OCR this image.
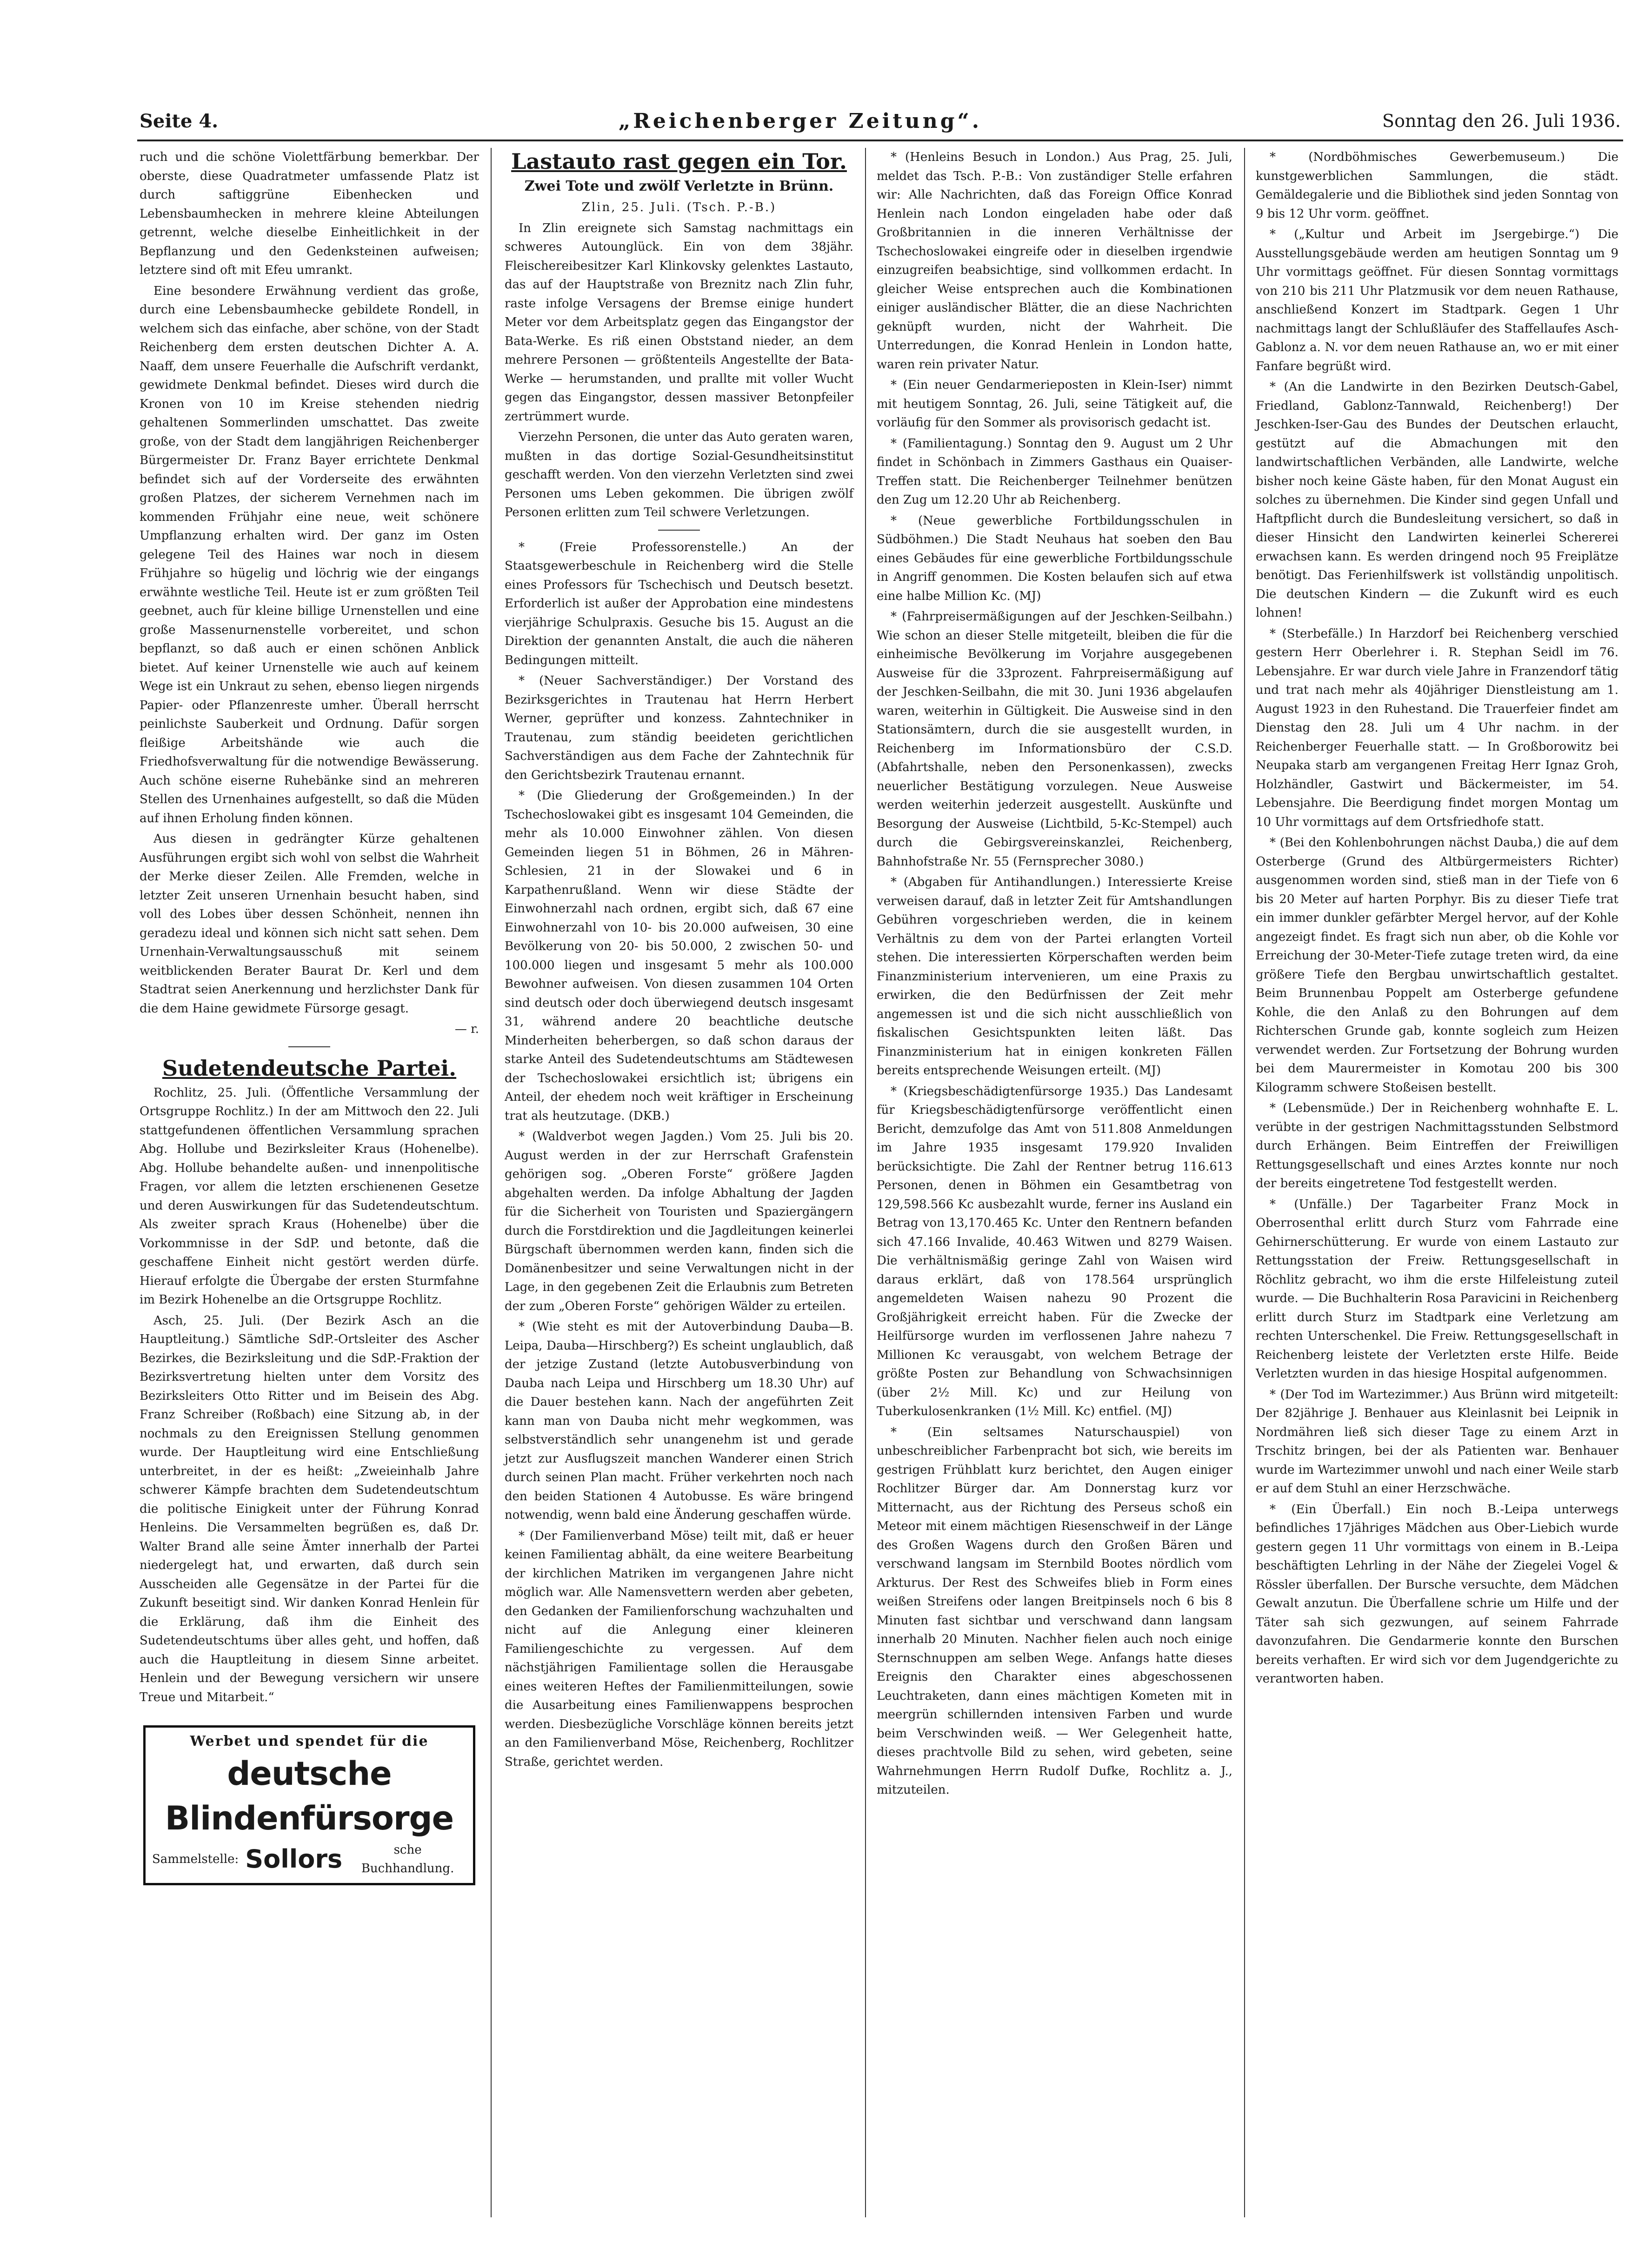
Seite 4.	„Reichenberger Zeitung“.	Sonntag den 26. Juli 1936.

ruch und die schöne Violettfärbung bemerkbar. Der oberste, diese Quadratmeter umfassende Platz ist durch saftiggrüne Eibenhecken und Lebensbaumhecken in mehrere kleine Abteilungen getrennt, welche dieselbe Einheitlichkeit in der Bepflanzung und den Gedenksteinen aufweisen; letztere sind oft mit Efeu umrankt.

Eine besondere Erwähnung verdient das große, durch eine Lebensbaumhecke gebildete Rondell, in welchem sich das einfache, aber schöne, von der Stadt Reichenberg dem ersten deutschen Dichter A. A. Naaff, dem unsere Feuerhalle die Aufschrift verdankt, gewidmete Denkmal befindet. Dieses wird durch die Kronen von 10 im Kreise stehenden niedrig gehaltenen Sommerlinden umschattet. Das zweite große, von der Stadt dem langjährigen Reichenberger Bürgermeister Dr. Franz Bayer errichtete Denkmal befindet sich auf der Vorderseite des erwähnten großen Platzes, der sicherem Vernehmen nach im kommenden Frühjahr eine neue, weit schönere Umpflanzung erhalten wird. Der ganz im Osten gelegene Teil des Haines war noch in diesem Frühjahre so hügelig und löchrig wie der eingangs erwähnte westliche Teil. Heute ist er zum größten Teil geebnet, auch für kleine billige Urnenstellen und eine große Massenurnenstelle vorbereitet, und schon bepflanzt, so daß auch er einen schönen Anblick bietet. Auf keiner Urnenstelle wie auch auf keinem Wege ist ein Unkraut zu sehen, ebenso liegen nirgends Papier- oder Pflanzenreste umher. Überall herrscht peinlichste Sauberkeit und Ordnung. Dafür sorgen fleißige Arbeitshände wie auch die Friedhofsverwaltung für die notwendige Bewässerung. Auch schöne eiserne Ruhebänke sind an mehreren Stellen des Urnenhaines aufgestellt, so daß die Müden auf ihnen Erholung finden können.

Aus diesen in gedrängter Kürze gehaltenen Ausführungen ergibt sich wohl von selbst die Wahrheit der Merke dieser Zeilen. Alle Fremden, welche in letzter Zeit unseren Urnenhain besucht haben, sind voll des Lobes über dessen Schönheit, nennen ihn geradezu ideal und können sich nicht satt sehen. Dem Urnenhain-Verwaltungsausschuß mit seinem weitblickenden Berater Baurat Dr. Kerl und dem Stadtrat seien Anerkennung und herzlichster Dank für die dem Haine gewidmete Fürsorge gesagt.

— r.

Sudetendeutsche Partei.

Rochlitz, 25. Juli. (Öffentliche Versammlung der Ortsgruppe Rochlitz.) In der am Mittwoch den 22. Juli stattgefundenen öffentlichen Versammlung sprachen Abg. Hollube und Bezirksleiter Kraus (Hohenelbe). Abg. Hollube behandelte außen- und innenpolitische Fragen, vor allem die letzten erschienenen Gesetze und deren Auswirkungen für das Sudetendeutschtum. Als zweiter sprach Kraus (Hohenelbe) über die Vorkommnisse in der SdP. und betonte, daß die geschaffene Einheit nicht gestört werden dürfe. Hierauf erfolgte die Übergabe der ersten Sturmfahne im Bezirk Hohenelbe an die Ortsgruppe Rochlitz.

Asch, 25. Juli. (Der Bezirk Asch an die Hauptleitung.) Sämtliche SdP.-Ortsleiter des Ascher Bezirkes, die Bezirksleitung und die SdP.-Fraktion der Bezirksvertretung hielten unter dem Vorsitz des Bezirksleiters Otto Ritter und im Beisein des Abg. Franz Schreiber (Roßbach) eine Sitzung ab, in der nochmals zu den Ereignissen Stellung genommen wurde. Der Hauptleitung wird eine Entschließung unterbreitet, in der es heißt: „Zweieinhalb Jahre schwerer Kämpfe brachten dem Sudetendeutschtum die politische Einigkeit unter der Führung Konrad Henleins. Die Versammelten begrüßen es, daß Dr. Walter Brand alle seine Ämter innerhalb der Partei niedergelegt hat, und erwarten, daß durch sein Ausscheiden alle Gegensätze in der Partei für die Zukunft beseitigt sind. Wir danken Konrad Henlein für die Erklärung, daß ihm die Einheit des Sudetendeutschtums über alles geht, und hoffen, daß auch die Hauptleitung in diesem Sinne arbeitet. Henlein und der Bewegung versichern wir unsere Treue und Mitarbeit.“

Werbet und spendet für die
deutsche Blindenfürsorge
Sammelstelle: Sollors	sche Buchhandlung.

Lastauto rast gegen ein Tor.

Zwei Tote und zwölf Verletzte in Brünn.

Zlin, 25. Juli. (Tsch. P.-B.)

In Zlin ereignete sich Samstag nachmittags ein schweres Autounglück. Ein von dem 38jähr. Fleischereibesitzer Karl Klinkovsky gelenktes Lastauto, das auf der Hauptstraße von Breznitz nach Zlin fuhr, raste infolge Versagens der Bremse einige hundert Meter vor dem Arbeitsplatz gegen das Eingangstor der Bata-Werke. Es riß einen Obststand nieder, an dem mehrere Personen — größtenteils Angestellte der Bata-Werke — herumstanden, und prallte mit voller Wucht gegen das Eingangstor, dessen massiver Betonpfeiler zertrümmert wurde.

Vierzehn Personen, die unter das Auto geraten waren, mußten in das dortige Sozial-Gesundheitsinstitut geschafft werden. Von den vierzehn Verletzten sind zwei Personen ums Leben gekommen. Die übrigen zwölf Personen erlitten zum Teil schwere Verletzungen.

* (Freie Professorenstelle.) An der Staatsgewerbeschule in Reichenberg wird die Stelle eines Professors für Tschechisch und Deutsch besetzt. Erforderlich ist außer der Approbation eine mindestens vierjährige Schulpraxis. Gesuche bis 15. August an die Direktion der genannten Anstalt, die auch die näheren Bedingungen mitteilt.

* (Neuer Sachverständiger.) Der Vorstand des Bezirksgerichtes in Trautenau hat Herrn Herbert Werner, geprüfter und konzess. Zahntechniker in Trautenau, zum ständig beeideten gerichtlichen Sachverständigen aus dem Fache der Zahntechnik für den Gerichtsbezirk Trautenau ernannt.

* (Die Gliederung der Großgemeinden.) In der Tschechoslowakei gibt es insgesamt 104 Gemeinden, die mehr als 10.000 Einwohner zählen. Von diesen Gemeinden liegen 51 in Böhmen, 26 in Mähren-Schlesien, 21 in der Slowakei und 6 in Karpathenrußland. Wenn wir diese Städte der Einwohnerzahl nach ordnen, ergibt sich, daß 67 eine Einwohnerzahl von 10- bis 20.000 aufweisen, 30 eine Bevölkerung von 20- bis 50.000, 2 zwischen 50- und 100.000 liegen und insgesamt 5 mehr als 100.000 Bewohner aufweisen. Von diesen zusammen 104 Orten sind deutsch oder doch überwiegend deutsch insgesamt 31, während andere 20 beachtliche deutsche Minderheiten beherbergen, so daß schon daraus der starke Anteil des Sudetendeutschtums am Städtewesen der Tschechoslowakei ersichtlich ist; übrigens ein Anteil, der ehedem noch weit kräftiger in Erscheinung trat als heutzutage. (DKB.)

* (Waldverbot wegen Jagden.) Vom 25. Juli bis 20. August werden in der zur Herrschaft Grafenstein gehörigen sog. „Oberen Forste“ größere Jagden abgehalten werden. Da infolge Abhaltung der Jagden für die Sicherheit von Touristen und Spaziergängern durch die Forstdirektion und die Jagdleitungen keinerlei Bürgschaft übernommen werden kann, finden sich die Domänenbesitzer und seine Verwaltungen nicht in der Lage, in den gegebenen Zeit die Erlaubnis zum Betreten der zum „Oberen Forste“ gehörigen Wälder zu erteilen.

* (Wie steht es mit der Autoverbindung Dauba—B. Leipa, Dauba—Hirschberg?) Es scheint unglaublich, daß der jetzige Zustand (letzte Autobusverbindung von Dauba nach Leipa und Hirschberg um 18.30 Uhr) auf die Dauer bestehen kann. Nach der angeführten Zeit kann man von Dauba nicht mehr wegkommen, was selbstverständlich sehr unangenehm ist und gerade jetzt zur Ausflugszeit manchen Wanderer einen Strich durch seinen Plan macht. Früher verkehrten noch nach den beiden Stationen 4 Autobusse. Es wäre bringend notwendig, wenn bald eine Änderung geschaffen würde.

* (Der Familienverband Möse) teilt mit, daß er heuer keinen Familientag abhält, da eine weitere Bearbeitung der kirchlichen Matriken im vergangenen Jahre nicht möglich war. Alle Namensvettern werden aber gebeten, den Gedanken der Familienforschung wachzuhalten und nicht auf die Anlegung einer kleineren Familiengeschichte zu vergessen. Auf dem nächstjährigen Familientage sollen die Herausgabe eines weiteren Heftes der Familienmitteilungen, sowie die Ausarbeitung eines Familienwappens besprochen werden. Diesbezügliche Vorschläge können bereits jetzt an den Familienverband Möse, Reichenberg, Rochlitzer Straße, gerichtet werden.

* (Henleins Besuch in London.) Aus Prag, 25. Juli, meldet das Tsch. P.-B.: Von zuständiger Stelle erfahren wir: Alle Nachrichten, daß das Foreign Office Konrad Henlein nach London eingeladen habe oder daß Großbritannien in die inneren Verhältnisse der Tschechoslowakei eingreife oder in dieselben irgendwie einzugreifen beabsichtige, sind vollkommen erdacht. In gleicher Weise entsprechen auch die Kombinationen einiger ausländischer Blätter, die an diese Nachrichten geknüpft wurden, nicht der Wahrheit. Die Unterredungen, die Konrad Henlein in London hatte, waren rein privater Natur.

* (Ein neuer Gendarmerieposten in Klein-Iser) nimmt mit heutigem Sonntag, 26. Juli, seine Tätigkeit auf, die vorläufig für den Sommer als provisorisch gedacht ist.

* (Familientagung.) Sonntag den 9. August um 2 Uhr findet in Schönbach in Zimmers Gasthaus ein Quaiser-Treffen statt. Die Reichenberger Teilnehmer benützen den Zug um 12.20 Uhr ab Reichenberg.

* (Neue gewerbliche Fortbildungsschulen in Südböhmen.) Die Stadt Neuhaus hat soeben den Bau eines Gebäudes für eine gewerbliche Fortbildungsschule in Angriff genommen. Die Kosten belaufen sich auf etwa eine halbe Million Kc. (MJ)

* (Fahrpreisermäßigungen auf der Jeschken-Seilbahn.) Wie schon an dieser Stelle mitgeteilt, bleiben die für die einheimische Bevölkerung im Vorjahre ausgegebenen Ausweise für die 33prozent. Fahrpreisermäßigung auf der Jeschken-Seilbahn, die mit 30. Juni 1936 abgelaufen waren, weiterhin in Gültigkeit. Die Ausweise sind in den Stationsämtern, durch die sie ausgestellt wurden, in Reichenberg im Informationsbüro der C.S.D. (Abfahrtshalle, neben den Personenkassen), zwecks neuerlicher Bestätigung vorzulegen. Neue Ausweise werden weiterhin jederzeit ausgestellt. Auskünfte und Besorgung der Ausweise (Lichtbild, 5-Kc-Stempel) auch durch die Gebirgsvereinskanzlei, Reichenberg, Bahnhofstraße Nr. 55 (Fernsprecher 3080.)

* (Abgaben für Antihandlungen.) Interessierte Kreise verweisen darauf, daß in letzter Zeit für Amtshandlungen Gebühren vorgeschrieben werden, die in keinem Verhältnis zu dem von der Partei erlangten Vorteil stehen. Die interessierten Körperschaften werden beim Finanzministerium intervenieren, um eine Praxis zu erwirken, die den Bedürfnissen der Zeit mehr angemessen ist und die sich nicht ausschließlich von fiskalischen Gesichtspunkten leiten läßt. Das Finanzministerium hat in einigen konkreten Fällen bereits entsprechende Weisungen erteilt. (MJ)

* (Kriegsbeschädigtenfürsorge 1935.) Das Landesamt für Kriegsbeschädigtenfürsorge veröffentlicht einen Bericht, demzufolge das Amt von 511.808 Anmeldungen im Jahre 1935 insgesamt 179.920 Invaliden berücksichtigte. Die Zahl der Rentner betrug 116.613 Personen, denen in Böhmen ein Gesamtbetrag von 129,598.566 Kc ausbezahlt wurde, ferner ins Ausland ein Betrag von 13,170.465 Kc. Unter den Rentnern befanden sich 47.166 Invalide, 40.463 Witwen und 8279 Waisen. Die verhältnismäßig geringe Zahl von Waisen wird daraus erklärt, daß von 178.564 ursprünglich angemeldeten Waisen nahezu 90 Prozent die Großjährigkeit erreicht haben. Für die Zwecke der Heilfürsorge wurden im verflossenen Jahre nahezu 7 Millionen Kc verausgabt, von welchem Betrage der größte Posten zur Behandlung von Schwachsinnigen (über 2½ Mill. Kc) und zur Heilung von Tuberkulosenkranken (1½ Mill. Kc) entfiel. (MJ)

* (Ein seltsames Naturschauspiel) von unbeschreiblicher Farbenpracht bot sich, wie bereits im gestrigen Frühblatt kurz berichtet, den Augen einiger Rochlitzer Bürger dar. Am Donnerstag kurz vor Mitternacht, aus der Richtung des Perseus schoß ein Meteor mit einem mächtigen Riesenschweif in der Länge des Großen Wagens durch den Großen Bären und verschwand langsam im Sternbild Bootes nördlich vom Arkturus. Der Rest des Schweifes blieb in Form eines weißen Streifens oder langen Breitpinsels noch 6 bis 8 Minuten fast sichtbar und verschwand dann langsam innerhalb 20 Minuten. Nachher fielen auch noch einige Sternschnuppen am selben Wege. Anfangs hatte dieses Ereignis den Charakter eines abgeschossenen Leuchtraketen, dann eines mächtigen Kometen mit in meergrün schillernden intensiven Farben und wurde beim Verschwinden weiß. — Wer Gelegenheit hatte, dieses prachtvolle Bild zu sehen, wird gebeten, seine Wahrnehmungen Herrn Rudolf Dufke, Rochlitz a. J., mitzuteilen.

* (Nordböhmisches Gewerbemuseum.) Die kunstgewerblichen Sammlungen, die städt. Gemäldegalerie und die Bibliothek sind jeden Sonntag von 9 bis 12 Uhr vorm. geöffnet.

* („Kultur und Arbeit im Jsergebirge.“) Die Ausstellungsgebäude werden am heutigen Sonntag um 9 Uhr vormittags geöffnet. Für diesen Sonntag vormittags von 210 bis 211 Uhr Platzmusik vor dem neuen Rathause, anschließend Konzert im Stadtpark. Gegen 1 Uhr nachmittags langt der Schlußläufer des Staffellaufes Asch-Gablonz a. N. vor dem neuen Rathause an, wo er mit einer Fanfare begrüßt wird.

* (An die Landwirte in den Bezirken Deutsch-Gabel, Friedland, Gablonz-Tannwald, Reichenberg!) Der Jeschken-Iser-Gau des Bundes der Deutschen erlaucht, gestützt auf die Abmachungen mit den landwirtschaftlichen Verbänden, alle Landwirte, welche bisher noch keine Gäste haben, für den Monat August ein solches zu übernehmen. Die Kinder sind gegen Unfall und Haftpflicht durch die Bundesleitung versichert, so daß in dieser Hinsicht den Landwirten keinerlei Schererei erwachsen kann. Es werden dringend noch 95 Freiplätze benötigt. Das Ferienhilfswerk ist vollständig unpolitisch. Die deutschen Kindern — die Zukunft wird es euch lohnen!

* (Sterbefälle.) In Harzdorf bei Reichenberg verschied gestern Herr Oberlehrer i. R. Stephan Seidl im 76. Lebensjahre. Er war durch viele Jahre in Franzendorf tätig und trat nach mehr als 40jähriger Dienstleistung am 1. August 1923 in den Ruhestand. Die Trauerfeier findet am Dienstag den 28. Juli um 4 Uhr nachm. in der Reichenberger Feuerhalle statt. — In Großborowitz bei Neupaka starb am vergangenen Freitag Herr Ignaz Groh, Holzhändler, Gastwirt und Bäckermeister, im 54. Lebensjahre. Die Beerdigung findet morgen Montag um 10 Uhr vormittags auf dem Ortsfriedhofe statt.

* (Bei den Kohlenbohrungen nächst Dauba,) die auf dem Osterberge (Grund des Altbürgermeisters Richter) ausgenommen worden sind, stieß man in der Tiefe von 6 bis 20 Meter auf harten Porphyr. Bis zu dieser Tiefe trat ein immer dunkler gefärbter Mergel hervor, auf der Kohle angezeigt findet. Es fragt sich nun aber, ob die Kohle vor Erreichung der 30-Meter-Tiefe zutage treten wird, da eine größere Tiefe den Bergbau unwirtschaftlich gestaltet. Beim Brunnenbau Poppelt am Osterberge gefundene Kohle, die den Anlaß zu den Bohrungen auf dem Richterschen Grunde gab, konnte sogleich zum Heizen verwendet werden. Zur Fortsetzung der Bohrung wurden bei dem Maurermeister in Komotau 200 bis 300 Kilogramm schwere Stoßeisen bestellt.

* (Lebensmüde.) Der in Reichenberg wohnhafte E. L. verübte in der gestrigen Nachmittagsstunden Selbstmord durch Erhängen. Beim Eintreffen der Freiwilligen Rettungsgesellschaft und eines Arztes konnte nur noch der bereits eingetretene Tod festgestellt werden.

* (Unfälle.) Der Tagarbeiter Franz Mock in Oberrosenthal erlitt durch Sturz vom Fahrrade eine Gehirnerschütterung. Er wurde von einem Lastauto zur Rettungsstation der Freiw. Rettungsgesellschaft in Röchlitz gebracht, wo ihm die erste Hilfeleistung zuteil wurde. — Die Buchhalterin Rosa Paravicini in Reichenberg erlitt durch Sturz im Stadtpark eine Verletzung am rechten Unterschenkel. Die Freiw. Rettungsgesellschaft in Reichenberg leistete der Verletzten erste Hilfe. Beide Verletzten wurden in das hiesige Hospital aufgenommen.

* (Der Tod im Wartezimmer.) Aus Brünn wird mitgeteilt: Der 82jährige J. Benhauer aus Kleinlasnit bei Leipnik in Nordmähren ließ sich dieser Tage zu einem Arzt in Trschitz bringen, bei der als Patienten war. Benhauer wurde im Wartezimmer unwohl und nach einer Weile starb er auf dem Stuhl an einer Herzschwäche.

* (Ein Überfall.) Ein noch B.-Leipa unterwegs befindliches 17jähriges Mädchen aus Ober-Liebich wurde gestern gegen 11 Uhr vormittags von einem in B.-Leipa beschäftigten Lehrling in der Nähe der Ziegelei Vogel & Rössler überfallen. Der Bursche versuchte, dem Mädchen Gewalt anzutun. Die Überfallene schrie um Hilfe und der Täter sah sich gezwungen, auf seinem Fahrrade davonzufahren. Die Gendarmerie konnte den Burschen bereits verhaften. Er wird sich vor dem Jugendgerichte zu verantworten haben.
